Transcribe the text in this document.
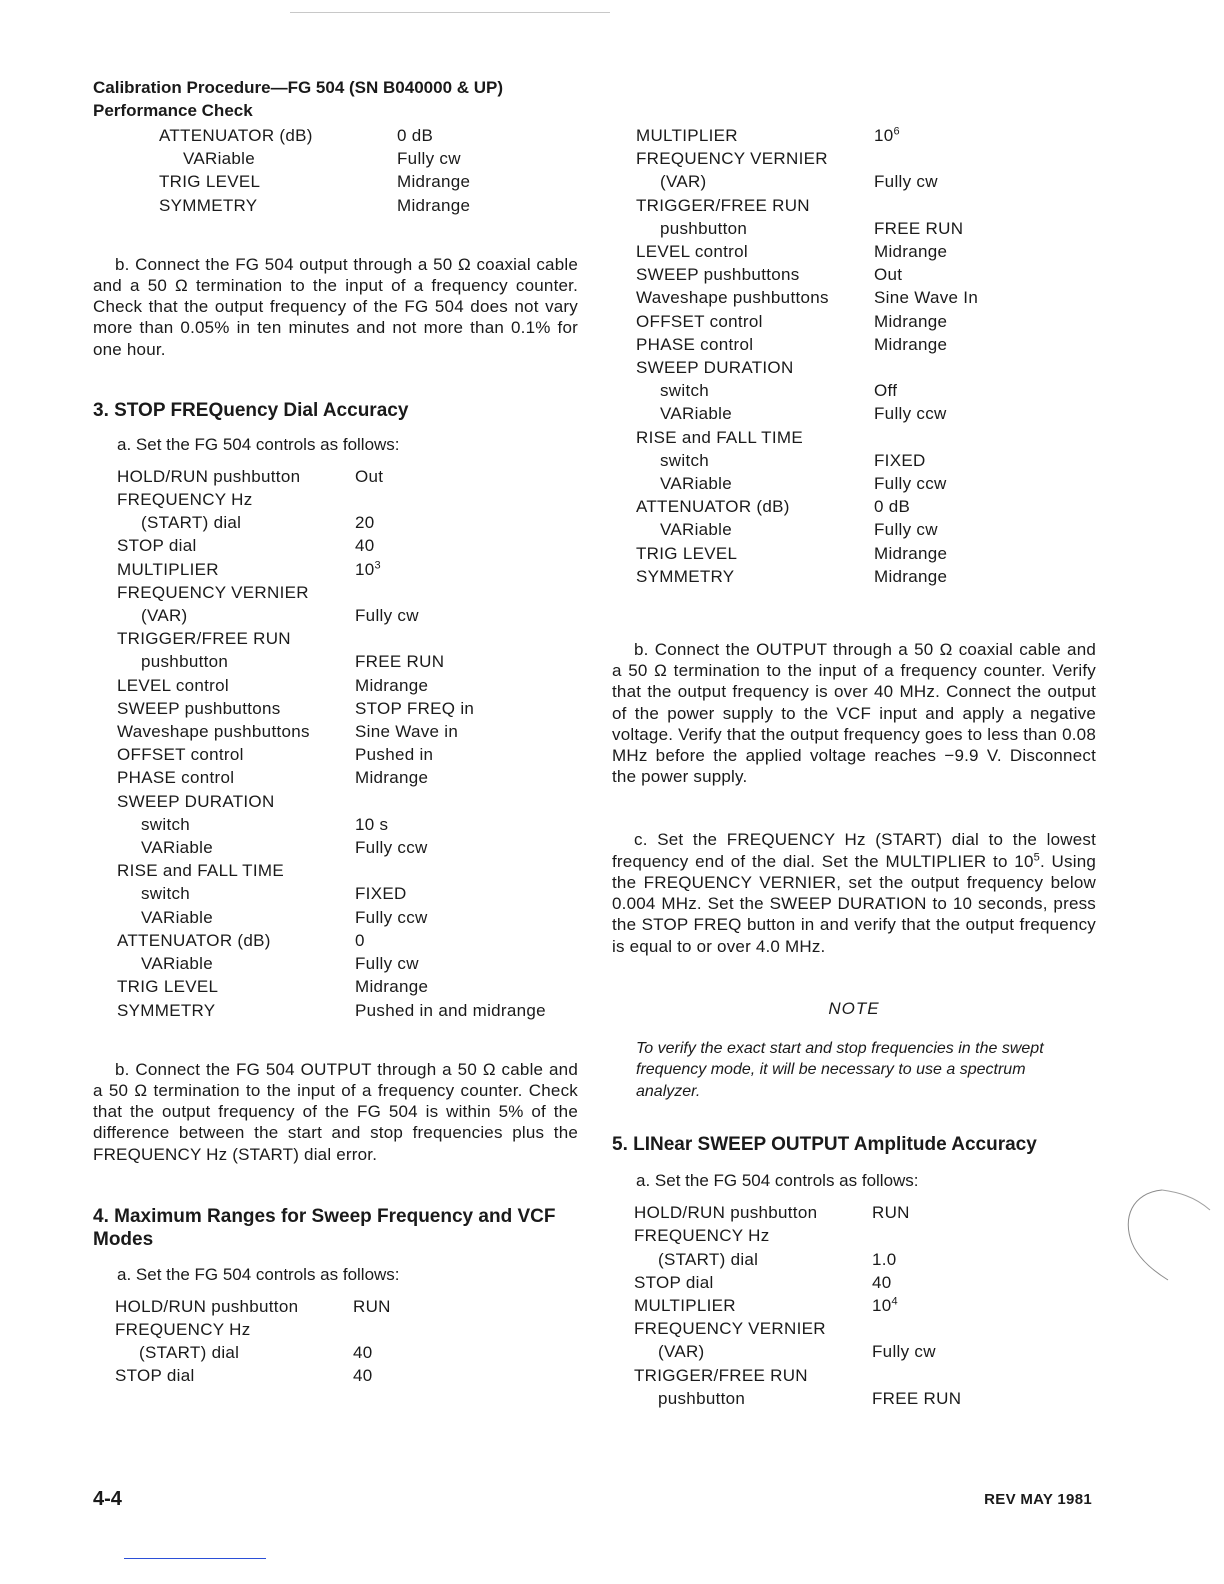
Calibration Procedure—FG 504 (SN B040000 & UP)
Performance Check
ATTENUATOR (dB)	0 dB
VARiable	Fully cw
TRIG LEVEL	Midrange
SYMMETRY	Midrange
b. Connect the FG 504 output through a 50 Ω coaxial cable and a 50 Ω termination to the input of a frequency counter. Check that the output frequency of the FG 504 does not vary more than 0.05% in ten minutes and not more than 0.1% for one hour.
3. STOP FREQuency Dial Accuracy
a. Set the FG 504 controls as follows:
HOLD/RUN pushbutton	Out
FREQUENCY Hz	
(START) dial	20
STOP dial	40
MULTIPLIER	$10^3$
FREQUENCY VERNIER	
(VAR)	Fully cw
TRIGGER/FREE RUN	
pushbutton	FREE RUN
LEVEL control	Midrange
SWEEP pushbuttons	STOP FREQ in
Waveshape pushbuttons	Sine Wave in
OFFSET control	Pushed in
PHASE control	Midrange
SWEEP DURATION	
switch	10 s
VARiable	Fully ccw
RISE and FALL TIME	
switch	FIXED
VARiable	Fully ccw
ATTENUATOR (dB)	0
VARiable	Fully cw
TRIG LEVEL	Midrange
SYMMETRY	Pushed in and midrange
b. Connect the FG 504 OUTPUT through a 50 Ω cable and a 50 Ω termination to the input of a frequency counter. Check that the output frequency of the FG 504 is within 5% of the difference between the start and stop frequencies plus the FREQUENCY Hz (START) dial error.
4. Maximum Ranges for Sweep Frequency and VCF Modes
a. Set the FG 504 controls as follows:
HOLD/RUN pushbutton	RUN
FREQUENCY Hz	
(START) dial	40
STOP dial	40
MULTIPLIER	$10^6$
FREQUENCY VERNIER	
(VAR)	Fully cw
TRIGGER/FREE RUN	
pushbutton	FREE RUN
LEVEL control	Midrange
SWEEP pushbuttons	Out
Waveshape pushbuttons	Sine Wave In
OFFSET control	Midrange
PHASE control	Midrange
SWEEP DURATION	
switch	Off
VARiable	Fully ccw
RISE and FALL TIME	
switch	FIXED
VARiable	Fully ccw
ATTENUATOR (dB)	0 dB
VARiable	Fully cw
TRIG LEVEL	Midrange
SYMMETRY	Midrange
b. Connect the OUTPUT through a 50 Ω coaxial cable and a 50 Ω termination to the input of a frequency counter. Verify that the output frequency is over 40 MHz. Connect the output of the power supply to the VCF input and apply a negative voltage. Verify that the output frequency goes to less than 0.08 MHz before the applied voltage reaches −9.9 V. Disconnect the power supply.
c. Set the FREQUENCY Hz (START) dial to the lowest frequency end of the dial. Set the MULTIPLIER to $10^5$. Using the FREQUENCY VERNIER, set the output frequency below 0.004 MHz. Set the SWEEP DURATION to 10 seconds, press the STOP FREQ button in and verify that the output frequency is equal to or over 4.0 MHz.
NOTE
To verify the exact start and stop frequencies in the swept frequency mode, it will be necessary to use a spectrum analyzer.
5. LINear SWEEP OUTPUT Amplitude Accuracy
a. Set the FG 504 controls as follows:
HOLD/RUN pushbutton	RUN
FREQUENCY Hz	
(START) dial	1.0
STOP dial	40
MULTIPLIER	$10^4$
FREQUENCY VERNIER	
(VAR)	Fully cw
TRIGGER/FREE RUN	
pushbutton	FREE RUN
4-4	REV MAY 1981
